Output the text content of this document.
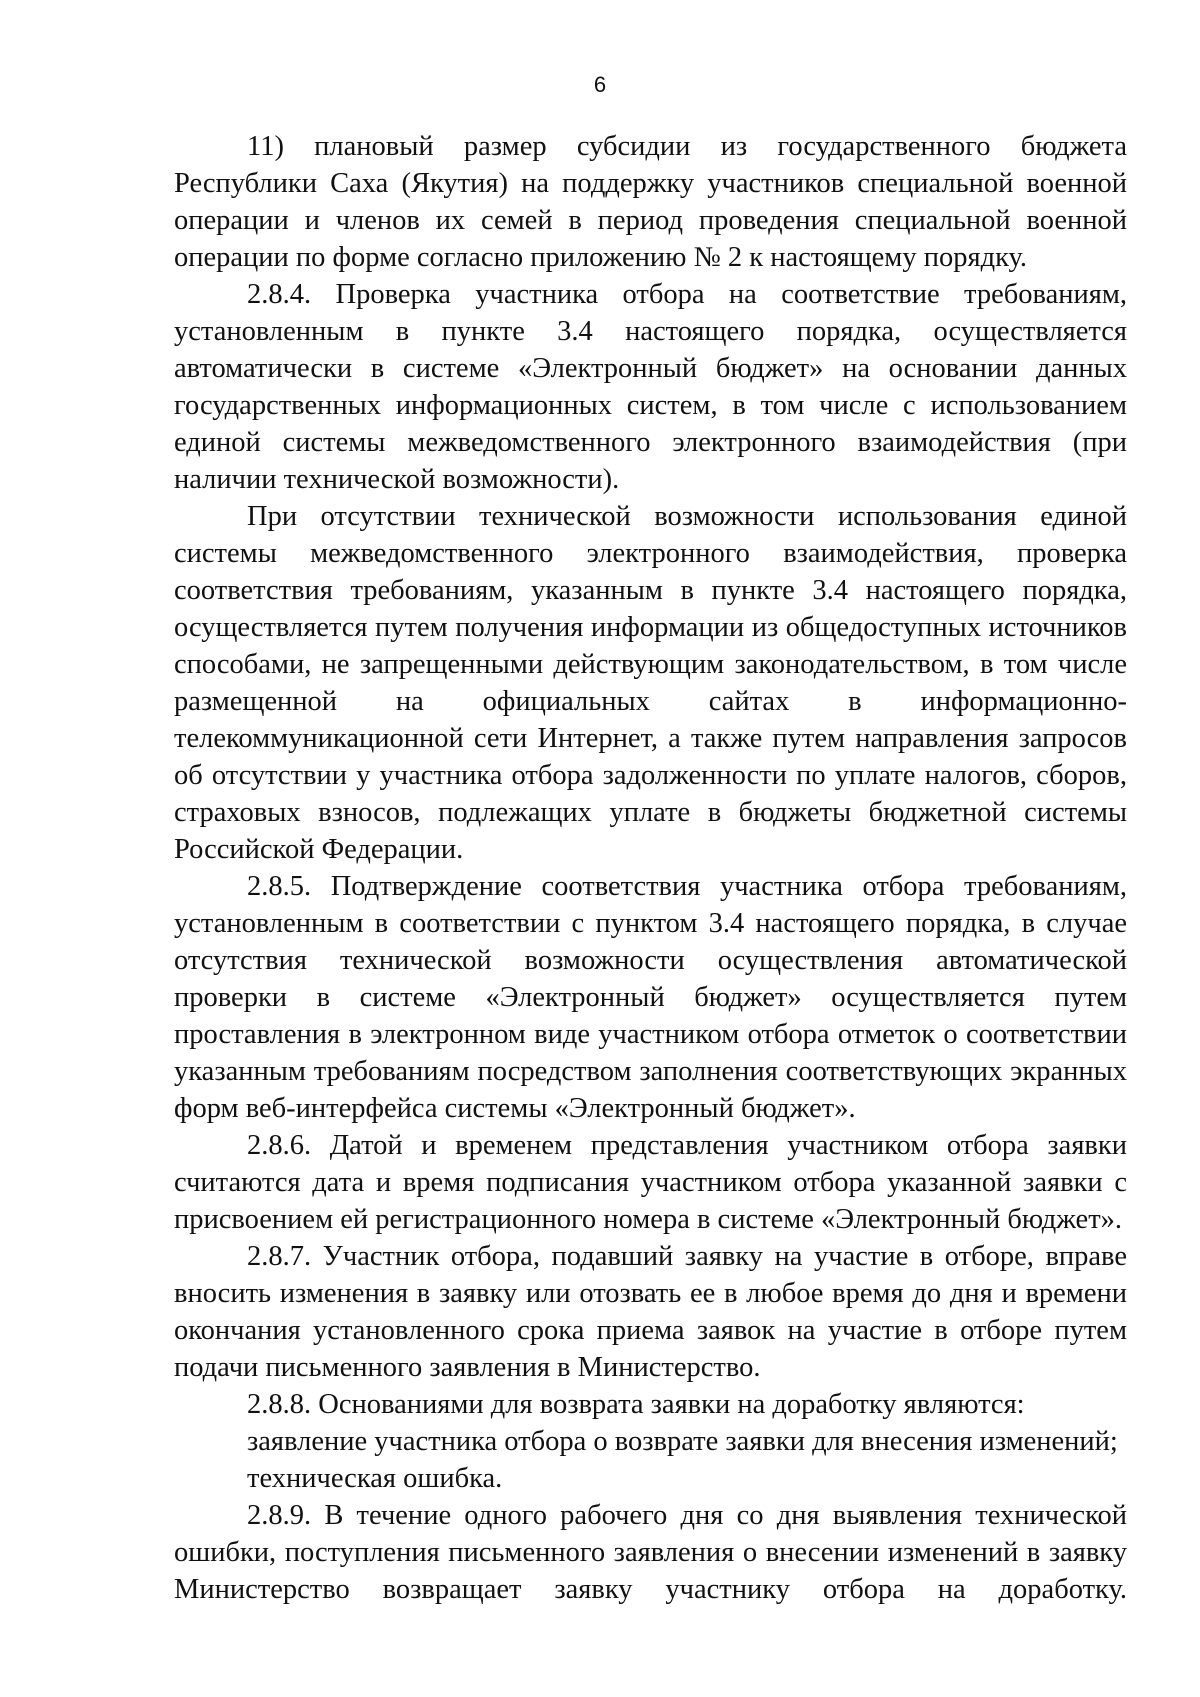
6

11) плановый размер субсидии из государственного бюджета Республики Саха (Якутия) на поддержку участников специальной военной операции и членов их семей в период проведения специальной военной операции по форме согласно приложению № 2 к настоящему порядку.

2.8.4. Проверка участника отбора на соответствие требованиям, установленным в пункте 3.4 настоящего порядка, осуществляется автоматически в системе «Электронный бюджет» на основании данных государственных информационных систем, в том числе с использованием единой системы межведомственного электронного взаимодействия (при наличии технической возможности).

При отсутствии технической возможности использования единой системы межведомственного электронного взаимодействия, проверка соответствия требованиям, указанным в пункте 3.4 настоящего порядка, осуществляется путем получения информации из общедоступных источников способами, не запрещенными действующим законодательством, в том числе размещенной на официальных сайтах в информационно-телекоммуникационной сети Интернет, а также путем направления запросов об отсутствии у участника отбора задолженности по уплате налогов, сборов, страховых взносов, подлежащих уплате в бюджеты бюджетной системы Российской Федерации.

2.8.5. Подтверждение соответствия участника отбора требованиям, установленным в соответствии с пунктом 3.4 настоящего порядка, в случае отсутствия технической возможности осуществления автоматической проверки в системе «Электронный бюджет» осуществляется путем проставления в электронном виде участником отбора отметок о соответствии указанным требованиям посредством заполнения соответствующих экранных форм веб-интерфейса системы «Электронный бюджет».

2.8.6. Датой и временем представления участником отбора заявки считаются дата и время подписания участником отбора указанной заявки с присвоением ей регистрационного номера в системе «Электронный бюджет».

2.8.7. Участник отбора, подавший заявку на участие в отборе, вправе вносить изменения в заявку или отозвать ее в любое время до дня и времени окончания установленного срока приема заявок на участие в отборе путем подачи письменного заявления в Министерство.

2.8.8. Основаниями для возврата заявки на доработку являются:

заявление участника отбора о возврате заявки для внесения изменений;

техническая ошибка.

2.8.9. В течение одного рабочего дня со дня выявления технической ошибки, поступления письменного заявления о внесении изменений в заявку Министерство возвращает заявку участнику отбора на доработку.
